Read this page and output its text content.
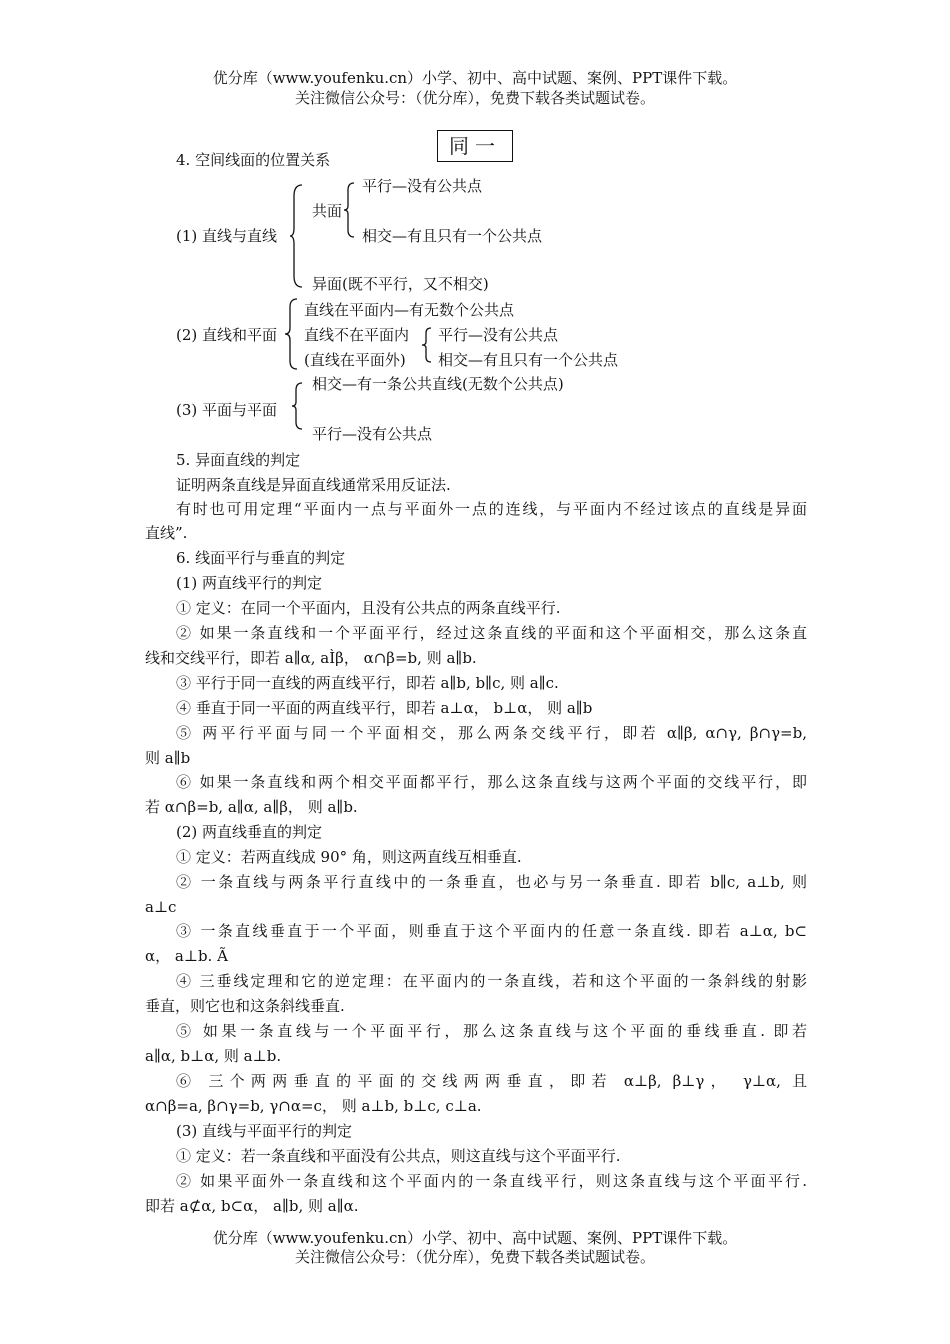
优分库（www.youfenku.cn）小学、初中、高中试题、案例、PPT课件下载。
关注微信公众号：（优分库），免费下载各类试题试卷。
同一
4. 空间线面的位置关系
(1) 直线与直线
共面
平行—没有公共点
相交—有且只有一个公共点
异面(既不平行，又不相交)
(2) 直线和平面
直线在平面内—有无数个公共点
直线不在平面内
(直线在平面外)
平行—没有公共点
相交—有且只有一个公共点
(3) 平面与平面
相交—有一条公共直线(无数个公共点)
平行—没有公共点
5. 异面直线的判定
证明两条直线是异面直线通常采用反证法.
有时也可用定理“平面内一点与平面外一点的连线，与平面内不经过该点的直线是异面
直线”.
6. 线面平行与垂直的判定
(1) 两直线平行的判定
① 定义：在同一个平面内，且没有公共点的两条直线平行.
② 如果一条直线和一个平面平行，经过这条直线的平面和这个平面相交，那么这条直
线和交线平行，即若 a∥α, aÌβ， α∩β=b, 则 a∥b.
③ 平行于同一直线的两直线平行，即若 a∥b, b∥c, 则 a∥c.
④ 垂直于同一平面的两直线平行，即若 a⊥α， b⊥α， 则 a∥b
⑤ 两平行平面与同一个平面相交，那么两条交线平行，即若 α∥β, α∩γ, β∩γ=b,
则 a∥b
⑥ 如果一条直线和两个相交平面都平行，那么这条直线与这两个平面的交线平行，即
若 α∩β=b, a∥α, a∥β， 则 a∥b.
(2) 两直线垂直的判定
① 定义：若两直线成 90° 角，则这两直线互相垂直.
② 一条直线与两条平行直线中的一条垂直，也必与另一条垂直. 即若 b∥c, a⊥b, 则
a⊥c
③ 一条直线垂直于一个平面，则垂直于这个平面内的任意一条直线. 即若 a⊥α, b⊂
α， a⊥b. Ã
④ 三垂线定理和它的逆定理：在平面内的一条直线，若和这个平面的一条斜线的射影
垂直，则它也和这条斜线垂直.
⑤ 如果一条直线与一个平面平行，那么这条直线与这个平面的垂线垂直. 即若
a∥α, b⊥α, 则 a⊥b.
⑥ 三个两两垂直的平面的交线两两垂直，即若 α⊥β, β⊥γ， γ⊥α, 且
α∩β=a, β∩γ=b, γ∩α=c， 则 a⊥b, b⊥c, c⊥a.
(3) 直线与平面平行的判定
① 定义：若一条直线和平面没有公共点，则这直线与这个平面平行.
② 如果平面外一条直线和这个平面内的一条直线平行，则这条直线与这个平面平行.
即若 a⊄α, b⊂α， a∥b, 则 a∥α.
优分库（www.youfenku.cn）小学、初中、高中试题、案例、PPT课件下载。
关注微信公众号：（优分库），免费下载各类试题试卷。
